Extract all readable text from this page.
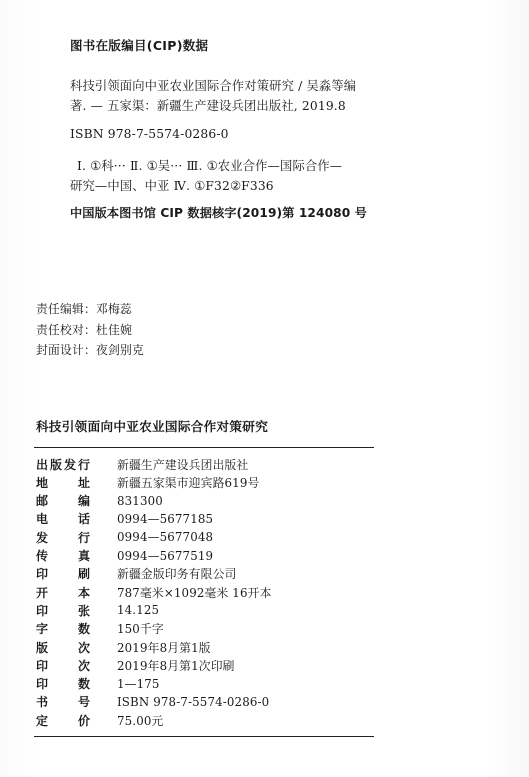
图书在版编目(CIP)数据
科技引领面向中亚农业国际合作对策研究 / 吴淼等编
著. — 五家渠：新疆生产建设兵团出版社, 2019.8
ISBN 978-7-5574-0286-0
Ⅰ. ①科··· Ⅱ. ①吴··· Ⅲ. ①农业合作—国际合作—
研究—中国、中亚 Ⅳ. ①F32②F336
中国版本图书馆 CIP 数据核字(2019)第 124080 号
责任编辑：邓梅蕊
责任校对：杜佳婉
封面设计：夜剑别克
科技引领面向中亚农业国际合作对策研究
出 版 发 行 新疆生产建设兵团出版社
地 址 新疆五家渠市迎宾路619号
邮 编 831300
电 话 0994—5677185
发 行 0994—5677048
传 真 0994—5677519
印 刷 新疆金版印务有限公司
开 本 787毫米×1092毫米 16开本
印 张 14.125
字 数 150千字
版 次 2019年8月第1版
印 次 2019年8月第1次印刷
印 数 1—175
书 号 ISBN 978-7-5574-0286-0
定 价 75.00元
